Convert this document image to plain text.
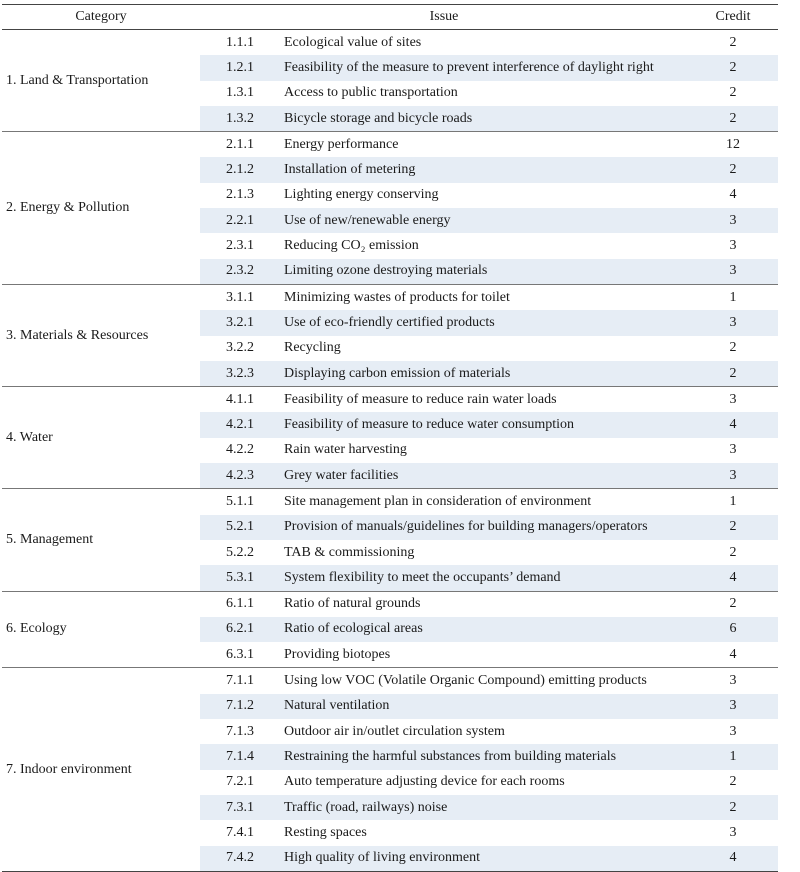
Category	Issue		Credit
1. Land & Transportation	1.1.1	Ecological value of sites	2
	1.2.1	Feasibility of the measure to prevent interference of daylight right	2
	1.3.1	Access to public transportation	2
	1.3.2	Bicycle storage and bicycle roads	2
2. Energy & Pollution	2.1.1	Energy performance	12
	2.1.2	Installation of metering	2
	2.1.3	Lighting energy conserving	4
	2.2.1	Use of new/renewable energy	3
	2.3.1	Reducing CO₂ emission	3
	2.3.2	Limiting ozone destroying materials	3
3. Materials & Resources	3.1.1	Minimizing wastes of products for toilet	1
	3.2.1	Use of eco-friendly certified products	3
	3.2.2	Recycling	2
	3.2.3	Displaying carbon emission of materials	2
4. Water	4.1.1	Feasibility of measure to reduce rain water loads	3
	4.2.1	Feasibility of measure to reduce water consumption	4
	4.2.2	Rain water harvesting	3
	4.2.3	Grey water facilities	3
5. Management	5.1.1	Site management plan in consideration of environment	1
	5.2.1	Provision of manuals/guidelines for building managers/operators	2
	5.2.2	TAB & commissioning	2
	5.3.1	System flexibility to meet the occupants’ demand	4
6. Ecology	6.1.1	Ratio of natural grounds	2
	6.2.1	Ratio of ecological areas	6
	6.3.1	Providing biotopes	4
7. Indoor environment	7.1.1	Using low VOC (Volatile Organic Compound) emitting products	3
	7.1.2	Natural ventilation	3
	7.1.3	Outdoor air in/outlet circulation system	3
	7.1.4	Restraining the harmful substances from building materials	1
	7.2.1	Auto temperature adjusting device for each rooms	2
	7.3.1	Traffic (road, railways) noise	2
	7.4.1	Resting spaces	3
	7.4.2	High quality of living environment	4
